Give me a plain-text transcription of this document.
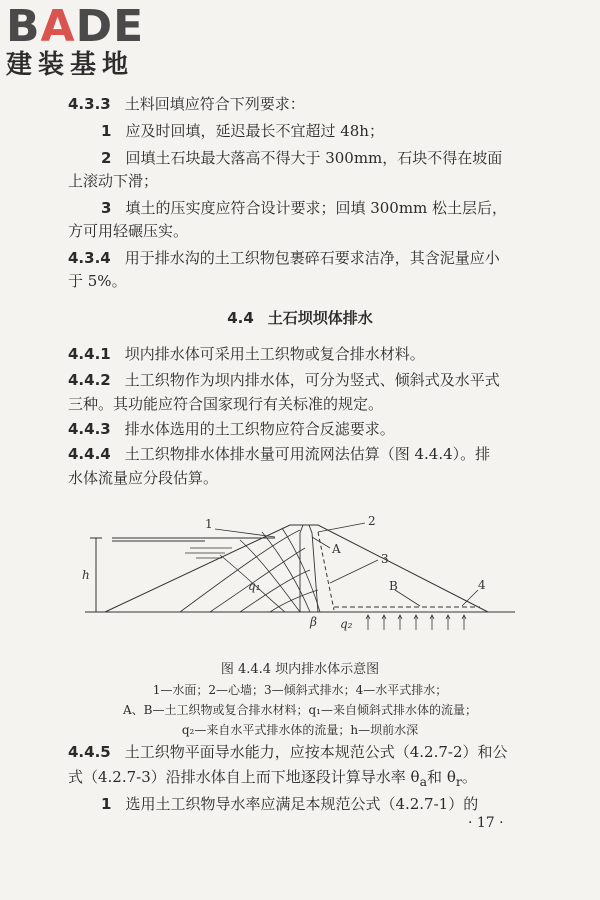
BADE
建装基地
4.3.3 土料回填应符合下列要求：
1 应及时回填，延迟最长不宜超过 48h；
2 回填土石块最大落高不得大于 300mm，石块不得在坡面
上滚动下滑；
3 填土的压实度应符合设计要求；回填 300mm 松土层后，
方可用轻碾压实。
4.3.4 用于排水沟的土工织物包裹碎石要求洁净，其含泥量应小
于 5%。
4.4 土石坝坝体排水
4.4.1 坝内排水体可采用土工织物或复合排水材料。
4.4.2 土工织物作为坝内排水体，可分为竖式、倾斜式及水平式
三种。其功能应符合国家现行有关标准的规定。
4.4.3 排水体选用的土工织物应符合反滤要求。
4.4.4 土工织物排水体排水量可用流网法估算（图 4.4.4）。排
水体流量应分段估算。
1	2
3
4
A
B
h
q₁
q₂
β
图 4.4.4 坝内排水体示意图
1—水面；2—心墙；3—倾斜式排水；4—水平式排水；
A、B—土工织物或复合排水材料；q₁—来自倾斜式排水体的流量；
q₂—来自水平式排水体的流量；h—坝前水深
4.4.5 土工织物平面导水能力，应按本规范公式（4.2.7-2）和公
式（4.2.7-3）沿排水体自上而下地逐段计算导水率 $\theta_a$和 $\theta_r$。
1 选用土工织物导水率应满足本规范公式（4.2.7-1）的
· 17 ·
